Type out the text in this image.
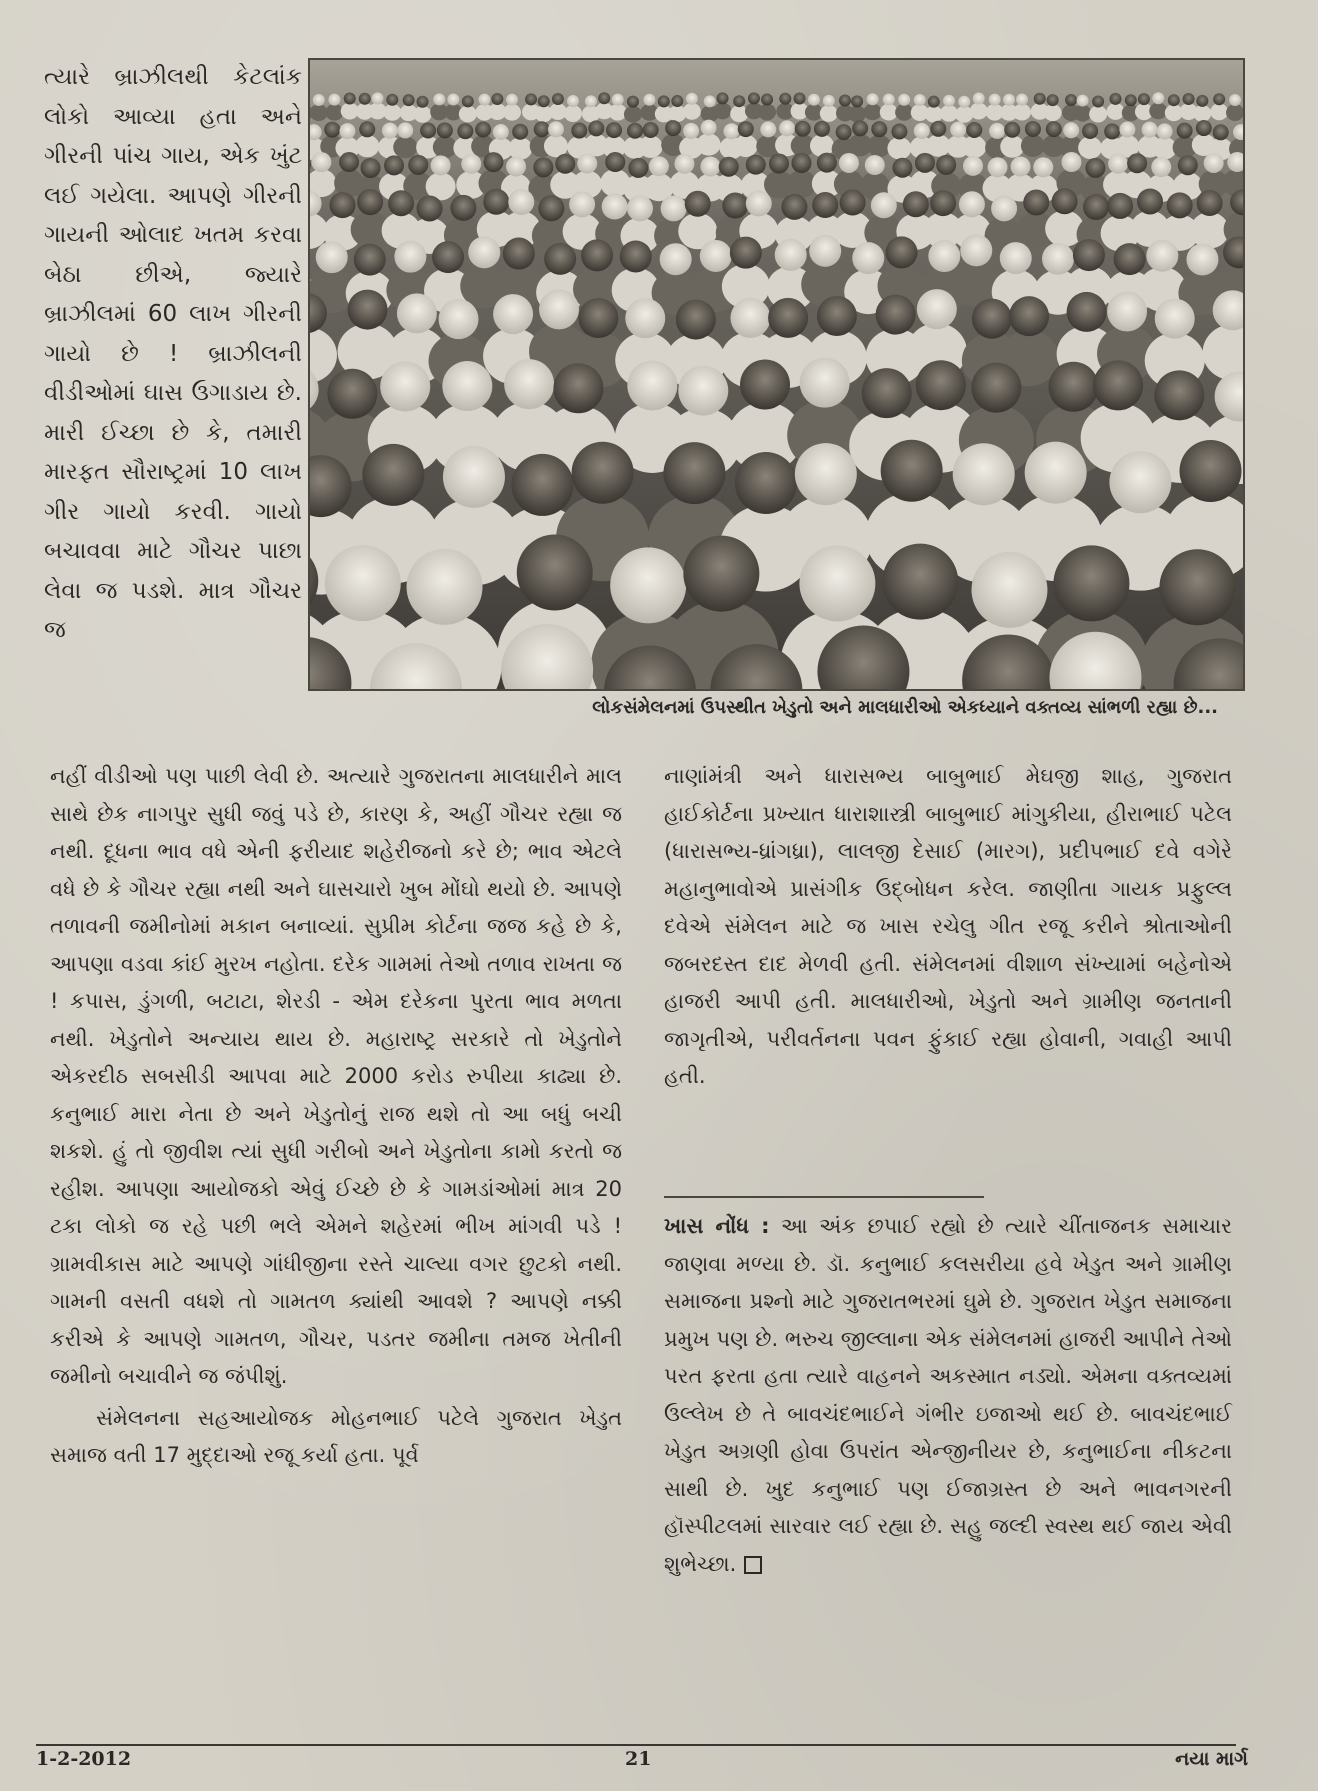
ત્યારે બ્રાઝીલથી કેટલાંક લોકો આવ્યા હતા અને ગીરની પાંચ ગાય, એક ખુંટ લઈ ગયેલા. આપણે ગીરની ગાયની ઓલાદ ખતમ કરવા બેઠા છીએ, જ્યારે બ્રાઝીલમાં 60 લાખ ગીરની ગાયો છે ! બ્રાઝીલની વીડીઓમાં ઘાસ ઉગાડાય છે. મારી ઈચ્છા છે કે, તમારી મારફત સૌરાષ્ટ્રમાં 10 લાખ ગીર ગાયો કરવી. ગાયો બચાવવા માટે ગૌચર પાછા લેવા જ પડશે. માત્ર ગૌચર જ

લોકસંમેલનમાં ઉપસ્થીત ખેડુતો અને માલધારીઓ એકધ્યાને વક્તવ્ય સાંભળી રહ્યા છે...

નહીં વીડીઓ પણ પાછી લેવી છે. અત્યારે ગુજરાતના માલધારીને માલ સાથે છેક નાગપુર સુધી જવું પડે છે, કારણ કે, અહીં ગૌચર રહ્યા જ નથી. દૂધના ભાવ વધે એની ફરીયાદ શહેરીજનો કરે છે; ભાવ એટલે વધે છે કે ગૌચર રહ્યા નથી અને ઘાસચારો ખુબ મોંઘો થયો છે. આપણે તળાવની જમીનોમાં મકાન બનાવ્યાં. સુપ્રીમ કોર્ટના જજ કહે છે કે, આપણા વડવા કાંઈ મુરખ નહોતા. દરેક ગામમાં તેઓ તળાવ રાખતા જ ! કપાસ, ડુંગળી, બટાટા, શેરડી - એમ દરેકના પુરતા ભાવ મળતા નથી. ખેડુતોને અન્યાય થાય છે. મહારાષ્ટ્ર સરકારે તો ખેડુતોને એકરદીઠ સબસીડી આપવા માટે 2000 કરોડ રુપીયા કાઢ્યા છે. કનુભાઈ મારા નેતા છે અને ખેડુતોનું રાજ થશે તો આ બધું બચી શકશે. હું તો જીવીશ ત્યાં સુધી ગરીબો અને ખેડુતોના કામો કરતો જ રહીશ. આપણા આયોજકો એવું ઈચ્છે છે કે ગામડાંઓમાં માત્ર 20 ટકા લોકો જ રહે પછી ભલે એમને શહેરમાં ભીખ માંગવી પડે ! ગ્રામવીકાસ માટે આપણે ગાંધીજીના રસ્તે ચાલ્યા વગર છુટકો નથી. ગામની વસતી વધશે તો ગામતળ ક્યાંથી આવશે ? આપણે નક્કી કરીએ કે આપણે ગામતળ, ગૌચર, પડતર જમીના તમજ ખેતીની જમીનો બચાવીને જ જંપીશું.

સંમેલનના સહઆયોજક મોહનભાઈ પટેલે ગુજરાત ખેડુત સમાજ વતી 17 મુદ્દાઓ રજૂ કર્યા હતા. પૂર્વ

નાણાંમંત્રી અને ધારાસભ્ય બાબુભાઈ મેઘજી શાહ, ગુજરાત હાઈકોર્ટના પ્રખ્યાત ધારાશાસ્ત્રી બાબુભાઈ માંગુકીયા, હીરાભાઈ પટેલ (ધારાસભ્ય-ધ્રાંગધ્રા), લાલજી દેસાઈ (મારગ), પ્રદીપભાઈ દવે વગેરે મહાનુભાવોએ પ્રાસંગીક ઉદ્‌બોધન કરેલ. જાણીતા ગાયક પ્રફુલ્લ દવેએ સંમેલન માટે જ ખાસ રચેલુ ગીત રજૂ કરીને શ્રોતાઓની જબરદસ્ત દાદ મેળવી હતી. સંમેલનમાં વીશાળ સંખ્યામાં બહેનોએ હાજરી આપી હતી. માલધારીઓ, ખેડુતો અને ગ્રામીણ જનતાની જાગૃતીએ, પરીવર્તનના પવન ફુંકાઈ રહ્યા હોવાની, ગવાહી આપી હતી.

ખાસ નોંધ : આ અંક છપાઈ રહ્યો છે ત્યારે ચીંતાજનક સમાચાર જાણવા મળ્યા છે. ડૉ. કનુભાઈ કલસરીયા હવે ખેડુત અને ગ્રામીણ સમાજના પ્રશ્નો માટે ગુજરાતભરમાં ઘુમે છે. ગુજરાત ખેડુત સમાજના પ્રમુખ પણ છે. ભરુચ જીલ્લાના એક સંમેલનમાં હાજરી આપીને તેઓ પરત ફરતા હતા ત્યારે વાહનને અકસ્માત નડ્યો. એમના વક્તવ્યમાં ઉલ્લેખ છે તે બાવચંદભાઈને ગંભીર ઇજાઓ થઈ છે. બાવચંદભાઈ ખેડુત અગ્રણી હોવા ઉપરાંત એન્જીનીયર છે, કનુભાઈના નીકટના સાથી છે. ખુદ કનુભાઈ પણ ઈજાગ્રસ્ત છે અને ભાવનગરની હૉસ્પીટલમાં સારવાર લઈ રહ્યા છે. સહુ જલ્દી સ્વસ્થ થઈ જાય એવી શુભેચ્છા.

1-2-2012	21	નયા માર્ગ
